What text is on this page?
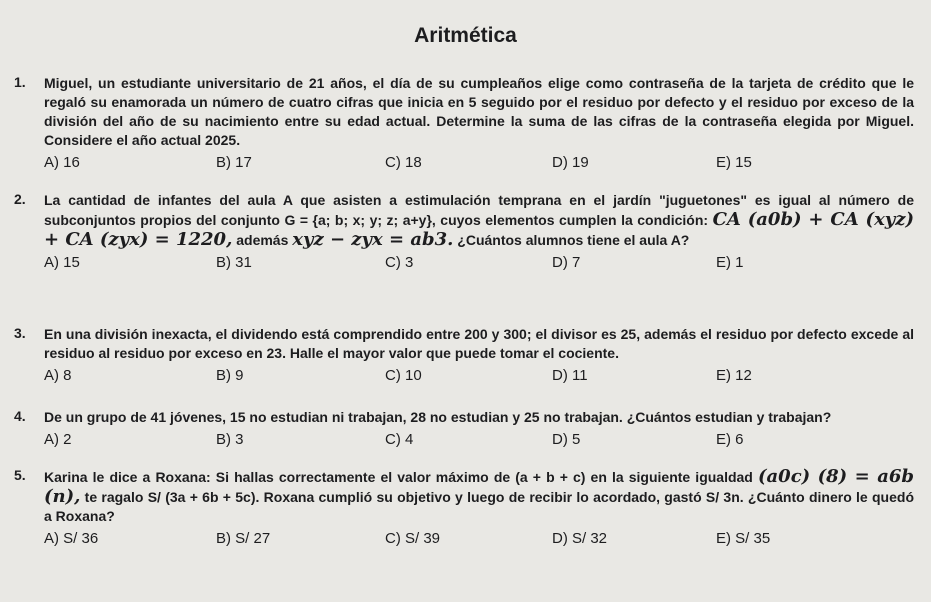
Aritmética
1. Miguel, un estudiante universitario de 21 años, el día de su cumpleaños elige como contraseña de la tarjeta de crédito que le regaló su enamorada un número de cuatro cifras que inicia en 5 seguido por el residuo por defecto y el residuo por exceso de la división del año de su nacimiento entre su edad actual. Determine la suma de las cifras de la contraseña elegida por Miguel. Considere el año actual 2025.
A) 16	B) 17	C) 18	D) 19	E) 15
2. La cantidad de infantes del aula A que asisten a estimulación temprana en el jardín "juguetones" es igual al número de subconjuntos propios del conjunto G = {a; b; x; y; z; a+y}, cuyos elementos cumplen la condición: CA (a0b) + CA (xyz) + CA (zyx) = 1220, además xyz − zyx = ab3. ¿Cuántos alumnos tiene el aula A?
A) 15	B) 31	C) 3	D) 7	E) 1
3. En una división inexacta, el dividendo está comprendido entre 200 y 300; el divisor es 25, además el residuo por defecto excede al residuo al residuo por exceso en 23. Halle el mayor valor que puede tomar el cociente.
A) 8	B) 9	C) 10	D) 11	E) 12
4. De un grupo de 41 jóvenes, 15 no estudian ni trabajan, 28 no estudian y 25 no trabajan. ¿Cuántos estudian y trabajan?
A) 2	B) 3	C) 4	D) 5	E) 6
5. Karina le dice a Roxana: Si hallas correctamente el valor máximo de (a + b + c) en la siguiente igualdad (a0c) (8) = a6b (n), te ragalo S/ (3a + 6b + 5c). Roxana cumplió su objetivo y luego de recibir lo acordado, gastó S/ 3n. ¿Cuánto dinero le quedó a Roxana?
A) S/ 36	B) S/ 27	C) S/ 39	D) S/ 32	E) S/ 35
